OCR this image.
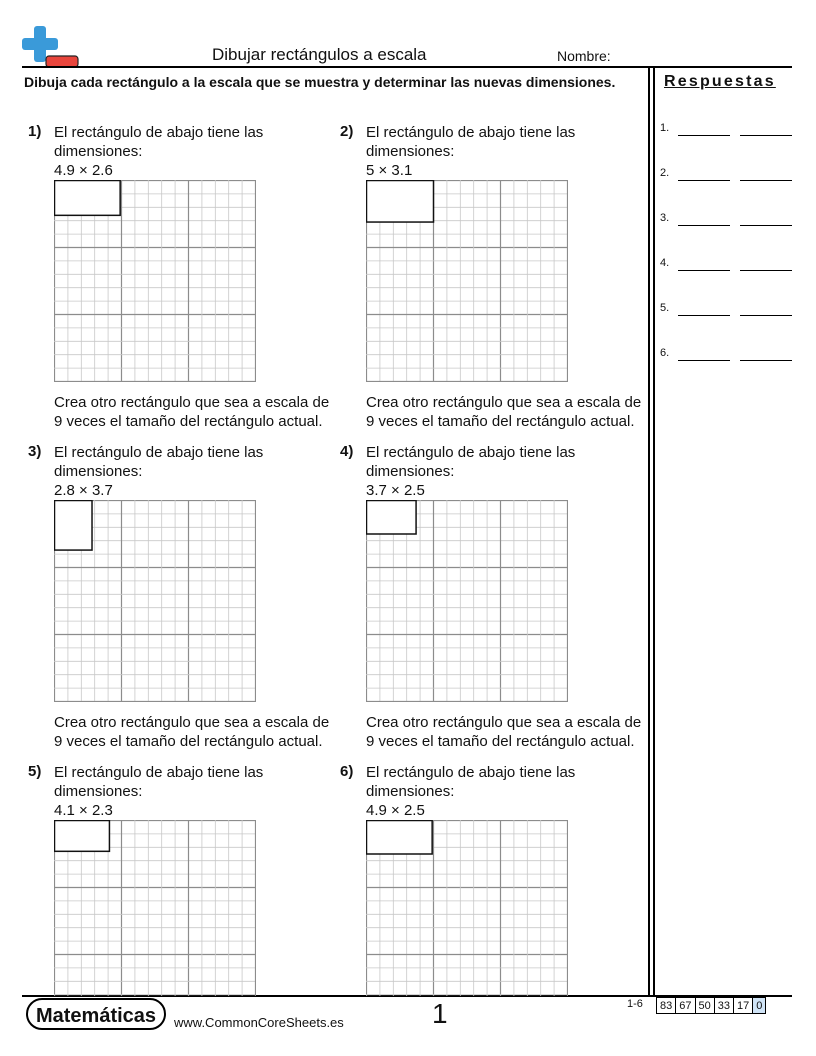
Dibujar rectángulos a escala	Nombre:
Dibuja cada rectángulo a la escala que se muestra y determinar las nuevas dimensiones.	Respuestas
1.
2.
3.
4.
5.
6.
1) El rectángulo de abajo tiene las dimensiones:
4.9 × 2.6
Crea otro rectángulo que sea a escala de 9 veces el tamaño del rectángulo actual.
2) El rectángulo de abajo tiene las dimensiones:
5 × 3.1
Crea otro rectángulo que sea a escala de 9 veces el tamaño del rectángulo actual.
3) El rectángulo de abajo tiene las dimensiones:
2.8 × 3.7
Crea otro rectángulo que sea a escala de 9 veces el tamaño del rectángulo actual.
4) El rectángulo de abajo tiene las dimensiones:
3.7 × 2.5
Crea otro rectángulo que sea a escala de 9 veces el tamaño del rectángulo actual.
5) El rectángulo de abajo tiene las dimensiones:
4.1 × 2.3
6) El rectángulo de abajo tiene las dimensiones:
4.9 × 2.5
Matemáticas	www.CommonCoreSheets.es	1	1-6 83 67 50 33 17 0
